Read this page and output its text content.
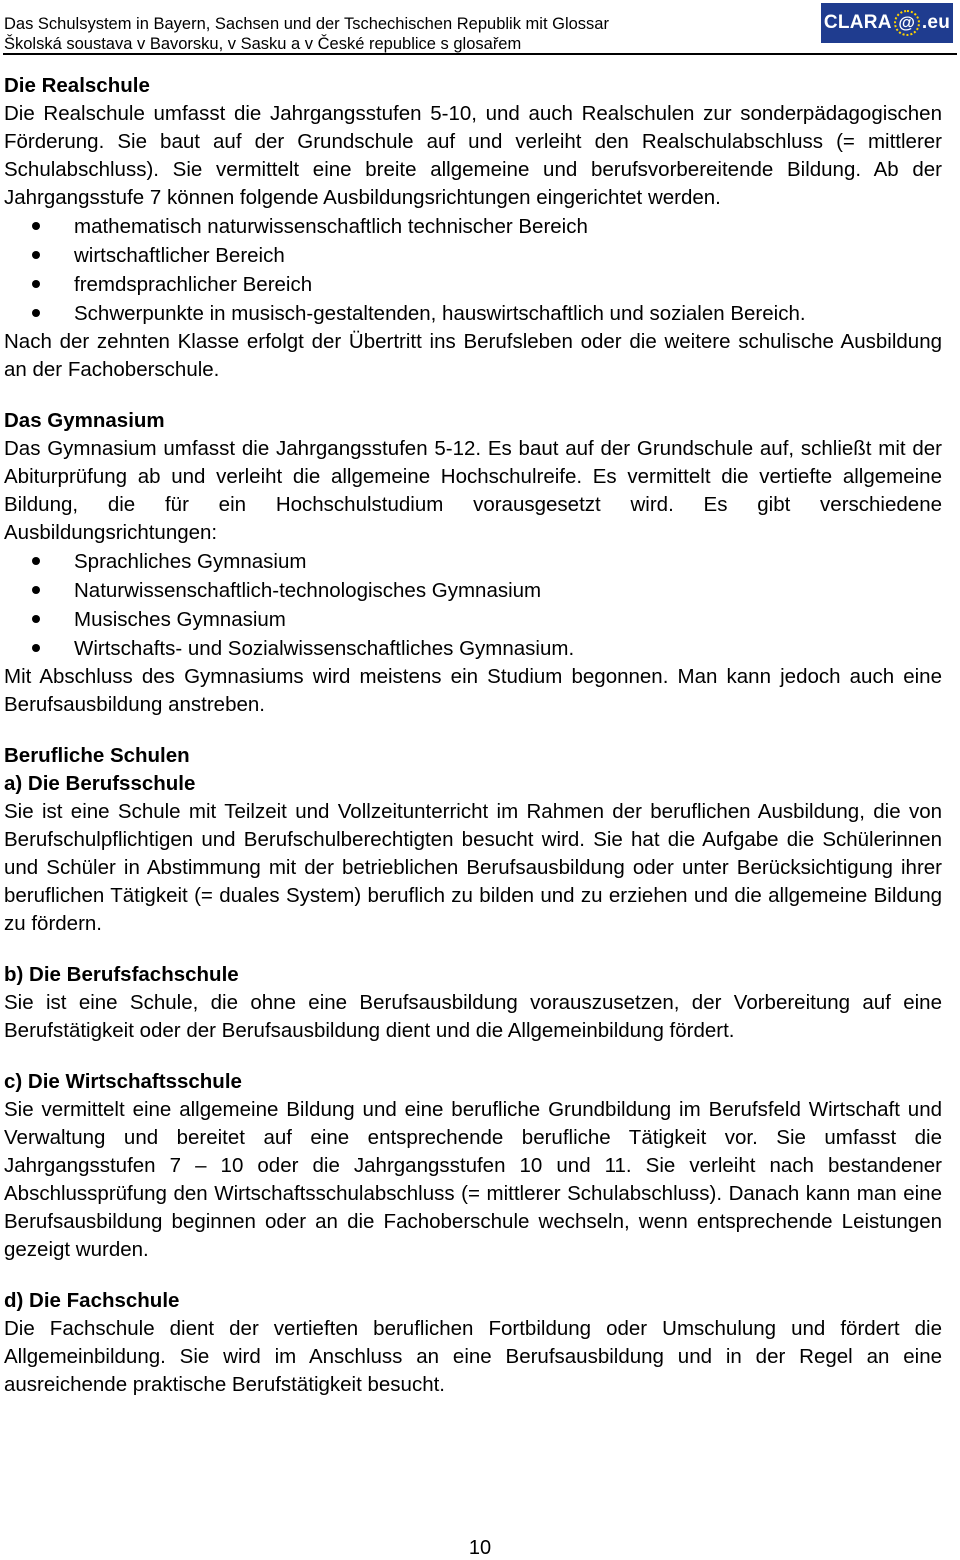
Das Schulsystem in Bayern, Sachsen und der Tschechischen Republik mit Glossar

Školská soustava v Bavorsku, v Sasku a v České republice s glosařem

CLARA @ .eu

Die Realschule

Die Realschule umfasst die Jahrgangsstufen 5-10, und auch Realschulen zur sonderpädagogischen Förderung. Sie baut auf der Grundschule auf und verleiht den Realschulabschluss (= mittlerer Schulabschluss). Sie vermittelt eine breite allgemeine und berufsvorbereitende Bildung. Ab der Jahrgangsstufe 7 können folgende Ausbildungsrichtungen eingerichtet werden.

mathematisch naturwissenschaftlich technischer Bereich
wirtschaftlicher Bereich
fremdsprachlicher Bereich
Schwerpunkte in musisch-gestaltenden, hauswirtschaftlich und sozialen Bereich.

Nach der zehnten Klasse erfolgt der Übertritt ins Berufsleben oder die weitere schulische Ausbildung an der Fachoberschule.

Das Gymnasium

Das Gymnasium umfasst die Jahrgangsstufen 5-12. Es baut auf der Grundschule auf, schließt mit der Abiturprüfung ab und verleiht die allgemeine Hochschulreife. Es vermittelt die vertiefte allgemeine Bildung, die für ein Hochschulstudium vorausgesetzt wird. Es gibt verschiedene Ausbildungsrichtungen:

Sprachliches Gymnasium
Naturwissenschaftlich-technologisches Gymnasium
Musisches Gymnasium
Wirtschafts- und Sozialwissenschaftliches Gymnasium.

Mit Abschluss des Gymnasiums wird meistens ein Studium begonnen. Man kann jedoch auch eine Berufsausbildung anstreben.

Berufliche Schulen

a) Die Berufsschule

Sie ist eine Schule mit Teilzeit und Vollzeitunterricht im Rahmen der beruflichen Ausbildung, die von Berufschulpflichtigen und Berufschulberechtigten besucht wird. Sie hat die Aufgabe die Schülerinnen und Schüler in Abstimmung mit der betrieblichen Berufsausbildung oder unter Berücksichtigung ihrer beruflichen Tätigkeit (= duales System) beruflich zu bilden und zu erziehen und die allgemeine Bildung zu fördern.

b) Die Berufsfachschule

Sie ist eine Schule, die ohne eine Berufsausbildung vorauszusetzen, der Vorbereitung auf eine Berufstätigkeit oder der Berufsausbildung dient und die Allgemeinbildung fördert.

c) Die Wirtschaftsschule

Sie vermittelt eine allgemeine Bildung und eine berufliche Grundbildung im Berufsfeld Wirtschaft und Verwaltung und bereitet auf eine entsprechende berufliche Tätigkeit vor. Sie umfasst die Jahrgangsstufen 7 – 10 oder die Jahrgangsstufen 10 und 11. Sie verleiht nach bestandener Abschlussprüfung den Wirtschaftsschulabschluss (= mittlerer Schulabschluss). Danach kann man eine Berufsausbildung beginnen oder an die Fachoberschule wechseln, wenn entsprechende Leistungen gezeigt wurden.

d) Die Fachschule

Die Fachschule dient der vertieften beruflichen Fortbildung oder Umschulung und fördert die Allgemeinbildung. Sie wird im Anschluss an eine Berufsausbildung und in der Regel an eine ausreichende praktische Berufstätigkeit besucht.

10
